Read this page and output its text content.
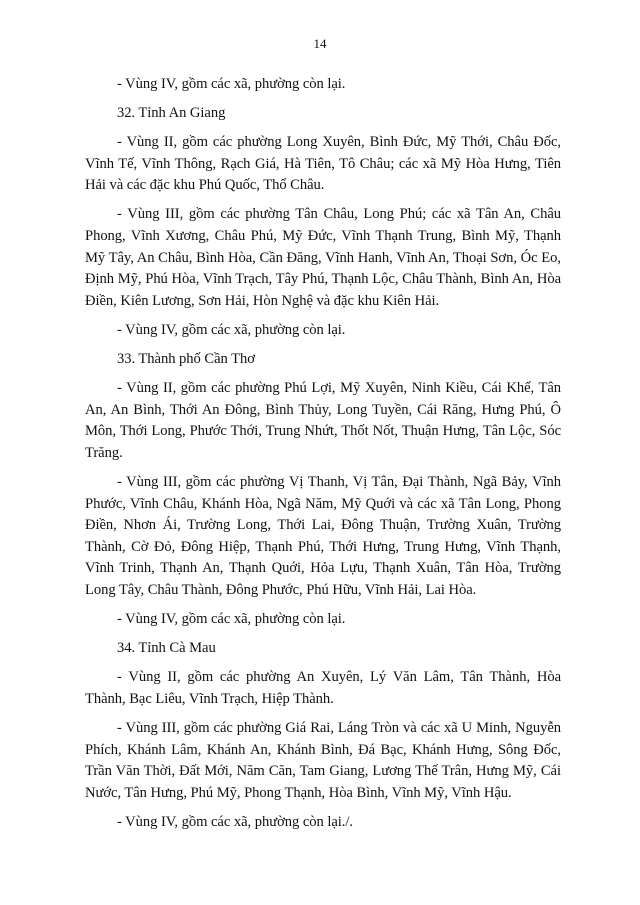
14

- Vùng IV, gồm các xã, phường còn lại.

32. Tỉnh An Giang

- Vùng II, gồm các phường Long Xuyên, Bình Đức, Mỹ Thới, Châu Đốc, Vĩnh Tế, Vĩnh Thông, Rạch Giá, Hà Tiên, Tô Châu; các xã Mỹ Hòa Hưng, Tiên Hải và các đặc khu Phú Quốc, Thổ Châu.

- Vùng III, gồm các phường Tân Châu, Long Phú; các xã Tân An, Châu Phong, Vĩnh Xương, Châu Phú, Mỹ Đức, Vĩnh Thạnh Trung, Bình Mỹ, Thạnh Mỹ Tây, An Châu, Bình Hòa, Cần Đăng, Vĩnh Hanh, Vĩnh An, Thoại Sơn, Óc Eo, Định Mỹ, Phú Hòa, Vĩnh Trạch, Tây Phú, Thạnh Lộc, Châu Thành, Bình An, Hòa Điền, Kiên Lương, Sơn Hải, Hòn Nghệ và đặc khu Kiên Hải.

- Vùng IV, gồm các xã, phường còn lại.

33. Thành phố Cần Thơ

- Vùng II, gồm các phường Phú Lợi, Mỹ Xuyên, Ninh Kiều, Cái Khế, Tân An, An Bình, Thới An Đông, Bình Thủy, Long Tuyền, Cái Răng, Hưng Phú, Ô Môn, Thới Long, Phước Thới, Trung Nhứt, Thốt Nốt, Thuận Hưng, Tân Lộc, Sóc Trăng.

- Vùng III, gồm các phường Vị Thanh, Vị Tân, Đại Thành, Ngã Bảy, Vĩnh Phước, Vĩnh Châu, Khánh Hòa, Ngã Năm, Mỹ Quới và các xã Tân Long, Phong Điền, Nhơn Ái, Trường Long, Thới Lai, Đông Thuận, Trường Xuân, Trường Thành, Cờ Đỏ, Đông Hiệp, Thạnh Phú, Thới Hưng, Trung Hưng, Vĩnh Thạnh, Vĩnh Trinh, Thạnh An, Thạnh Quới, Hỏa Lựu, Thạnh Xuân, Tân Hòa, Trường Long Tây, Châu Thành, Đông Phước, Phú Hữu, Vĩnh Hải, Lai Hòa.

- Vùng IV, gồm các xã, phường còn lại.

34. Tỉnh Cà Mau

- Vùng II, gồm các phường An Xuyên, Lý Văn Lâm, Tân Thành, Hòa Thành, Bạc Liêu, Vĩnh Trạch, Hiệp Thành.

- Vùng III, gồm các phường Giá Rai, Láng Tròn và các xã U Minh, Nguyễn Phích, Khánh Lâm, Khánh An, Khánh Bình, Đá Bạc, Khánh Hưng, Sông Đốc, Trần Văn Thời, Đất Mới, Năm Căn, Tam Giang, Lương Thế Trân, Hưng Mỹ, Cái Nước, Tân Hưng, Phú Mỹ, Phong Thạnh, Hòa Bình, Vĩnh Mỹ, Vĩnh Hậu.

- Vùng IV, gồm các xã, phường còn lại./.
